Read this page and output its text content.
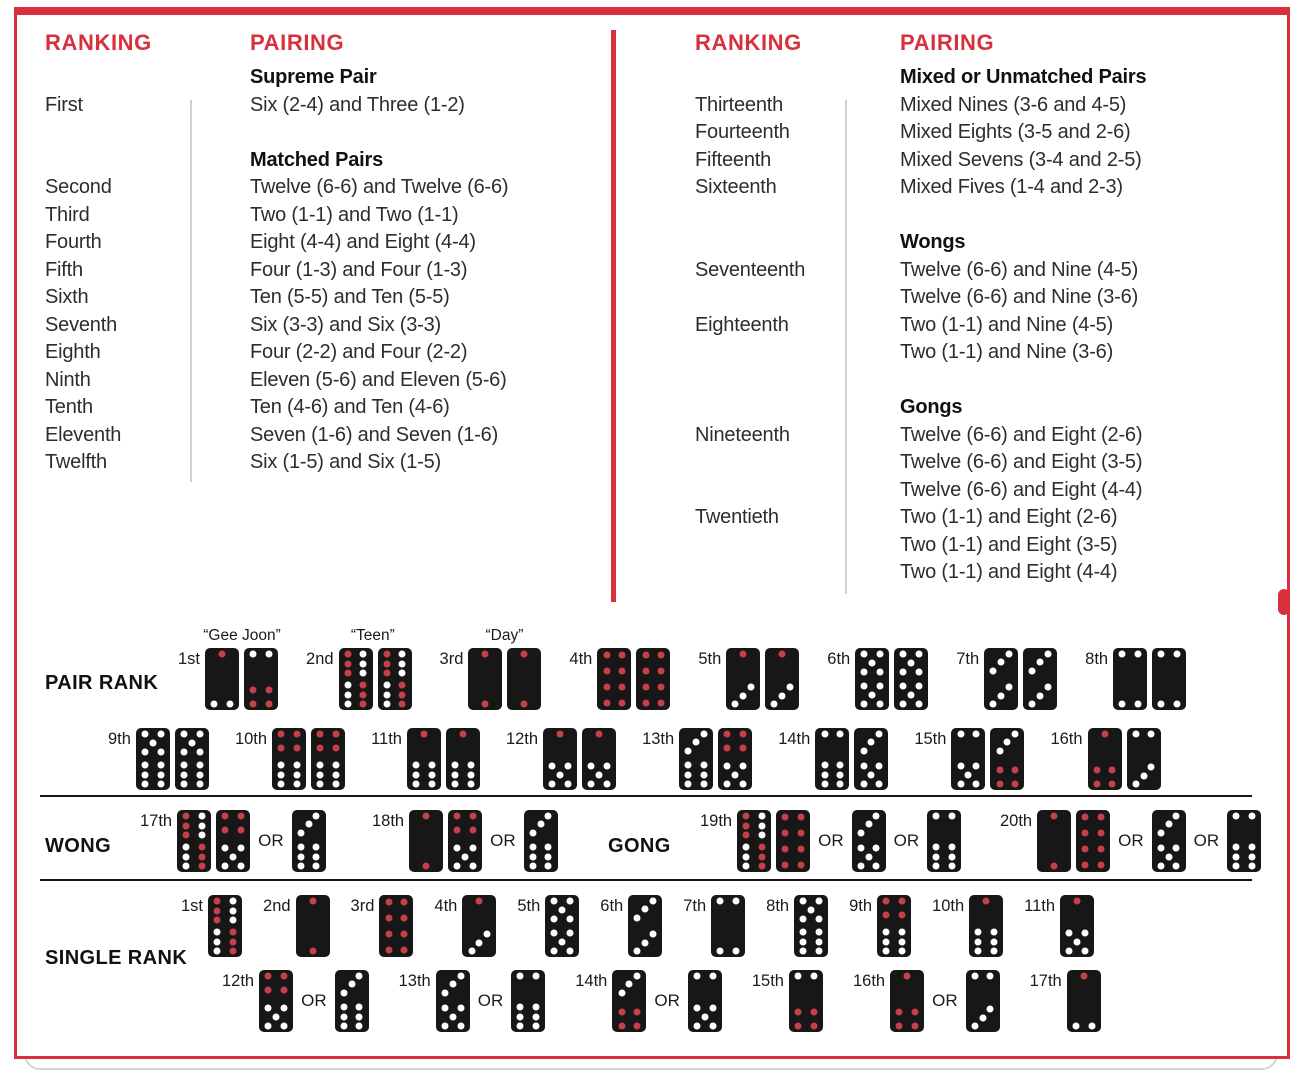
RANKING	PAIRING
Supreme Pair
First	Six (2-4) and Three (1-2)
Matched Pairs
Second	Twelve (6-6) and Twelve (6-6)
Third	Two (1-1) and Two (1-1)
Fourth	Eight (4-4) and Eight (4-4)
Fifth	Four (1-3) and Four (1-3)
Sixth	Ten (5-5) and Ten (5-5)
Seventh	Six (3-3) and Six (3-3)
Eighth	Four (2-2) and Four (2-2)
Ninth	Eleven (5-6) and Eleven (5-6)
Tenth	Ten (4-6) and Ten (4-6)
Eleventh	Seven (1-6) and Seven (1-6)
Twelfth	Six (1-5) and Six (1-5)
RANKING	PAIRING
Mixed or Unmatched Pairs
Thirteenth	Mixed Nines (3-6 and 4-5)
Fourteenth	Mixed Eights (3-5 and 2-6)
Fifteenth	Mixed Sevens (3-4 and 2-5)
Sixteenth	Mixed Fives (1-4 and 2-3)
Wongs
Seventeenth	Twelve (6-6) and Nine (4-5)
Twelve (6-6) and Nine (3-6)
Eighteenth	Two (1-1) and Nine (4-5)
Two (1-1) and Nine (3-6)
Gongs
Nineteenth	Twelve (6-6) and Eight (2-6)
Twelve (6-6) and Eight (3-5)
Twelve (6-6) and Eight (4-4)
Twentieth	Two (1-1) and Eight (2-6)
Two (1-1) and Eight (3-5)
Two (1-1) and Eight (4-4)
PAIR RANK
WONG	GONG
SINGLE RANK
“Gee Joon”
1st
“Teen”
2nd
“Day”
3rd	4th	5th	6th	7th	8th
9th	10th	11th	12th	13th	14th	15th	16th
17th
OR
18th
OR
19th
OR	OR
20th
OR	OR
1st	2nd	3rd	4th	5th	6th	7th	8th	9th	10th	11th
12th
OR
13th
OR
14th
OR
15th	16th
OR
17th
